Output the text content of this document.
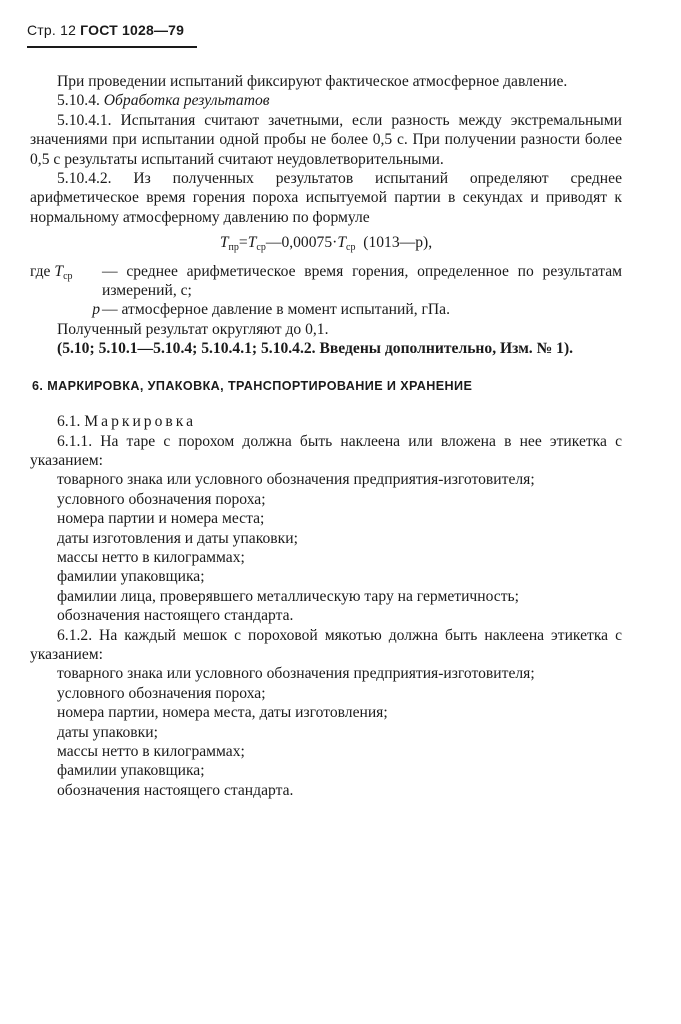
Стр. 12 ГОСТ 1028—79

При проведении испытаний фиксируют фактическое атмосферное давление.

5.10.4. Обработка результатов

5.10.4.1. Испытания считают зачетными, если разность между экстремальными значениями при испытании одной пробы не более 0,5 с. При получении разности более 0,5 с результаты испытаний считают неудовлетворительными.

5.10.4.2. Из полученных результатов испытаний определяют среднее арифметическое время горения пороха испытуемой партии в секундах и приводят к нормальному атмосферному давлению по формуле

$T_{пр}=T_{ср}—0,00075\cdot T_{ср}$ (1013—p),

где $T_{ср}$	— среднее арифметическое время горения, определенное по результатам измерений, с;
p — атмосферное давление в момент испытаний, гПа.

Полученный результат округляют до 0,1.

(5.10; 5.10.1—5.10.4; 5.10.4.1; 5.10.4.2. Введены дополнительно, Изм. № 1).

6. МАРКИРОВКА, УПАКОВКА, ТРАНСПОРТИРОВАНИЕ И ХРАНЕНИЕ

6.1. Маркировка

6.1.1. На таре с порохом должна быть наклеена или вложена в нее этикетка с указанием:

товарного знака или условного обозначения предприятия-изготовителя;

условного обозначения пороха;

номера партии и номера места;

даты изготовления и даты упаковки;

массы нетто в килограммах;

фамилии упаковщика;

фамилии лица, проверявшего металлическую тару на герметичность;

обозначения настоящего стандарта.

6.1.2. На каждый мешок с пороховой мякотью должна быть наклеена этикетка с указанием:

товарного знака или условного обозначения предприятия-изготовителя;

условного обозначения пороха;

номера партии, номера места, даты изготовления;

даты упаковки;

массы нетто в килограммах;

фамилии упаковщика;

обозначения настоящего стандарта.
